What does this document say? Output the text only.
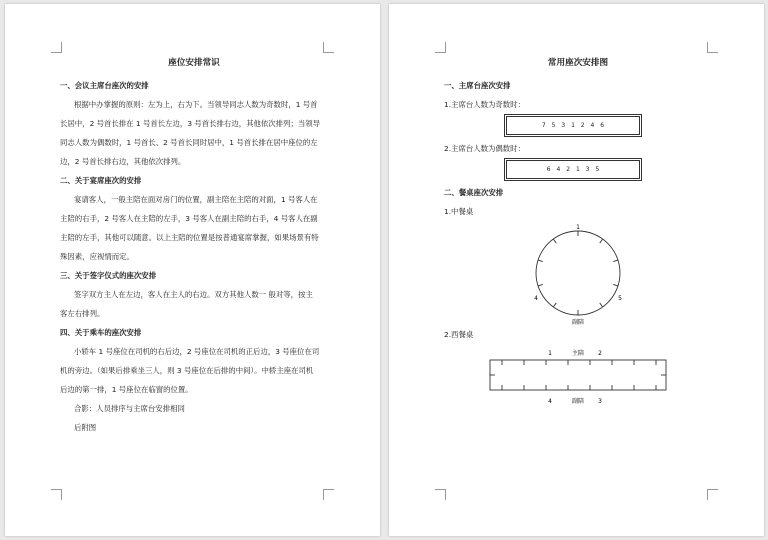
座位安排常识
一、会议主席台座次的安排
根据中办掌握的原则：左为上，右为下。当领导同志人数为奇数时，1 号首
长居中，2 号首长排在 1 号首长左边，3 号首长排右边，其他依次排列；当领导
同志人数为偶数时，1 号首长、2 号首长同时居中，1 号首长排在居中座位的左
边，2 号首长排右边，其他依次排列。
二、关于宴席座次的安排
宴请客人，一般主陪在面对房门的位置，副主陪在主陪的对面，1 号客人在
主陪的右手，2 号客人在主陪的左手，3 号客人在副主陪的右手，4 号客人在副
主陪的左手，其他可以随意。以上主陪的位置是按普通宴席掌握，如果场景有特
殊因素，应视情而定。
三、关于签字仪式的座次安排
签字双方主人在左边，客人在主人的右边。双方其他人数一 般对等，按主
客左右排列。
四、关于乘车的座次安排
小轿车 1 号座位在司机的右后边，2 号座位在司机的正后边，3 号座位在司
机的旁边。（如果后排乘坐三人，则 3 号座位在后排的中间）。中轿主座在司机
后边的第一排，1 号座位在临窗的位置。
合影：人员排序与主席台安排相同
后附图
常用座次安排图
一、主席台座次安排
1.主席台人数为奇数时：
7 5 3 1 2 4 6
2.主席台人数为偶数时：
6 4 2 1 3 5
二、餐桌座次安排
1.中餐桌
1
副陪
4	5
2.西餐桌
1	主陪 2
4	副陪 3
